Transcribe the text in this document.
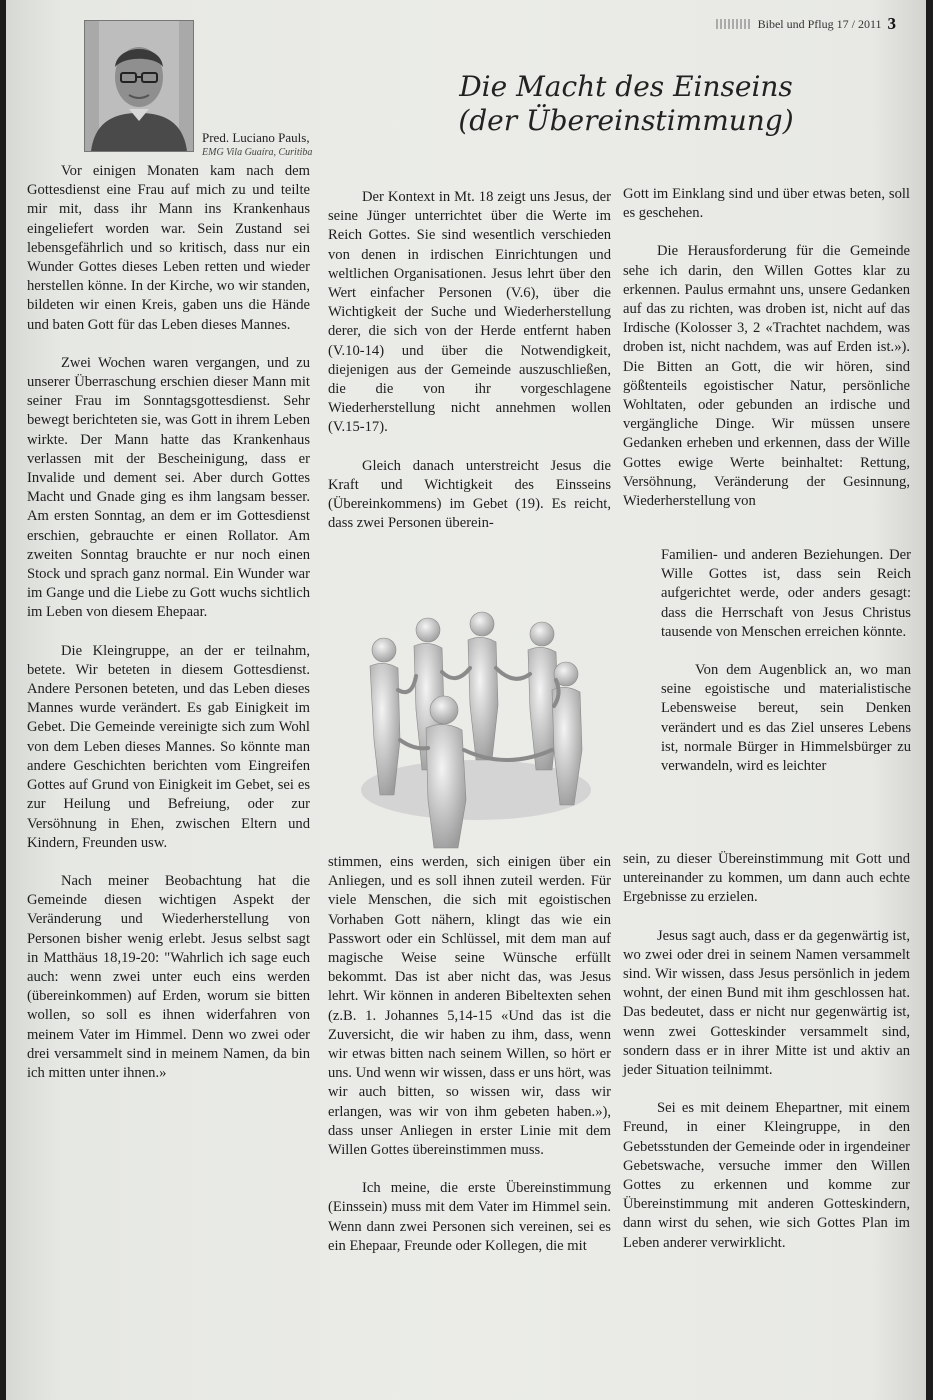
Bibel und Pflug 17 / 2011 3
Pred. Luciano Pauls,
EMG Vila Guaíra, Curitiba
Die Macht des Einseins
(der Übereinstimmung)

Vor einigen Monaten kam nach dem Gottesdienst eine Frau auf mich zu und teilte mir mit, dass ihr Mann ins Krankenhaus eingeliefert worden war. Sein Zustand sei lebensgefährlich und so kritisch, dass nur ein Wunder Gottes dieses Leben retten und wieder herstellen könne. In der Kirche, wo wir standen, bildeten wir einen Kreis, gaben uns die Hände und baten Gott für das Leben dieses Mannes.

Zwei Wochen waren vergangen, und zu unserer Überraschung erschien dieser Mann mit seiner Frau im Sonntagsgottesdienst. Sehr bewegt berichteten sie, was Gott in ihrem Leben wirkte. Der Mann hatte das Krankenhaus verlassen mit der Bescheinigung, dass er Invalide und dement sei. Aber durch Gottes Macht und Gnade ging es ihm langsam besser. Am ersten Sonntag, an dem er im Gottesdienst erschien, gebrauchte er einen Rollator. Am zweiten Sonntag brauchte er nur noch einen Stock und sprach ganz normal. Ein Wunder war im Gange und die Liebe zu Gott wuchs sichtlich im Leben von diesem Ehepaar.

Die Kleingruppe, an der er teilnahm, betete. Wir beteten in diesem Gottesdienst. Andere Personen beteten, und das Leben dieses Mannes wurde verändert. Es gab Einigkeit im Gebet. Die Gemeinde vereinigte sich zum Wohl von dem Leben dieses Mannes. So könnte man andere Geschichten berichten vom Eingreifen Gottes auf Grund von Einigkeit im Gebet, sei es zur Heilung und Befreiung, oder zur Versöhnung in Ehen, zwischen Eltern und Kindern, Freunden usw.

Nach meiner Beobachtung hat die Gemeinde diesen wichtigen Aspekt der Veränderung und Wiederherstellung von Personen bisher wenig erlebt. Jesus selbst sagt in Matthäus 18,19-20: "Wahrlich ich sage euch auch: wenn zwei unter euch eins werden (übereinkommen) auf Erden, worum sie bitten wollen, so soll es ihnen widerfahren von meinem Vater im Himmel. Denn wo zwei oder drei versammelt sind in meinem Namen, da bin ich mitten unter ihnen.»

Der Kontext in Mt. 18 zeigt uns Jesus, der seine Jünger unterrichtet über die Werte im Reich Gottes. Sie sind wesentlich verschieden von denen in irdischen Einrichtungen und weltlichen Organisationen. Jesus lehrt über den Wert einfacher Personen (V.6), über die Wichtigkeit der Suche und Wiederherstellung derer, die sich von der Herde entfernt haben (V.10-14) und über die Notwendigkeit, diejenigen aus der Gemeinde auszuschließen, die die von ihr vorgeschlagene Wiederherstellung nicht annehmen wollen (V.15-17).

Gleich danach unterstreicht Jesus die Kraft und Wichtigkeit des Einsseins (Übereinkommens) im Gebet (19). Es reicht, dass zwei Personen überein-

stimmen, eins werden, sich einigen über ein Anliegen, und es soll ihnen zuteil werden. Für viele Menschen, die sich mit egoistischen Vorhaben Gott nähern, klingt das wie ein Passwort oder ein Schlüssel, mit dem man auf magische Weise seine Wünsche erfüllt bekommt. Das ist aber nicht das, was Jesus lehrt. Wir können in anderen Bibeltexten sehen (z.B. 1. Johannes 5,14-15 «Und das ist die Zuversicht, die wir haben zu ihm, dass, wenn wir etwas bitten nach seinem Willen, so hört er uns. Und wenn wir wissen, dass er uns hört, was wir auch bitten, so wissen wir, dass wir erlangen, was wir von ihm gebeten haben.»), dass unser Anliegen in erster Linie mit dem Willen Gottes übereinstimmen muss.

Ich meine, die erste Übereinstimmung (Einssein) muss mit dem Vater im Himmel sein. Wenn dann zwei Personen sich vereinen, sei es ein Ehepaar, Freunde oder Kollegen, die mit

Gott im Einklang sind und über etwas beten, soll es geschehen.

Die Herausforderung für die Gemeinde sehe ich darin, den Willen Gottes klar zu erkennen. Paulus ermahnt uns, unsere Gedanken auf das zu richten, was droben ist, nicht auf das Irdische (Kolosser 3, 2 «Trachtet nachdem, was droben ist, nicht nachdem, was auf Erden ist.»). Die Bitten an Gott, die wir hören, sind gößtenteils egoistischer Natur, persönliche Wohltaten, oder gebunden an irdische und vergängliche Dinge. Wir müssen unsere Gedanken erheben und erkennen, dass der Wille Gottes ewige Werte beinhaltet: Rettung, Versöhnung, Veränderung der Gesinnung, Wiederherstellung von

Familien- und anderen Beziehungen. Der Wille Gottes ist, dass sein Reich aufgerichtet werde, oder anders gesagt: dass die Herrschaft von Jesus Christus tausende von Menschen erreichen könnte.

Von dem Augenblick an, wo man seine egoistische und materialistische Lebensweise bereut, sein Denken verändert und es das Ziel unseres Lebens ist, normale Bürger in Himmelsbürger zu verwandeln, wird es leichter

sein, zu dieser Übereinstimmung mit Gott und untereinander zu kommen, um dann auch echte Ergebnisse zu erzielen.

Jesus sagt auch, dass er da gegenwärtig ist, wo zwei oder drei in seinem Namen versammelt sind. Wir wissen, dass Jesus persönlich in jedem wohnt, der einen Bund mit ihm geschlossen hat. Das bedeutet, dass er nicht nur gegenwärtig ist, wenn zwei Gotteskinder versammelt sind, sondern dass er in ihrer Mitte ist und aktiv an jeder Situation teilnimmt.

Sei es mit deinem Ehepartner, mit einem Freund, in einer Kleingruppe, in den Gebetsstunden der Gemeinde oder in irgendeiner Gebetswache, versuche immer den Willen Gottes zu erkennen und komme zur Übereinstimmung mit anderen Gotteskindern, dann wirst du sehen, wie sich Gottes Plan im Leben anderer verwirklicht.
